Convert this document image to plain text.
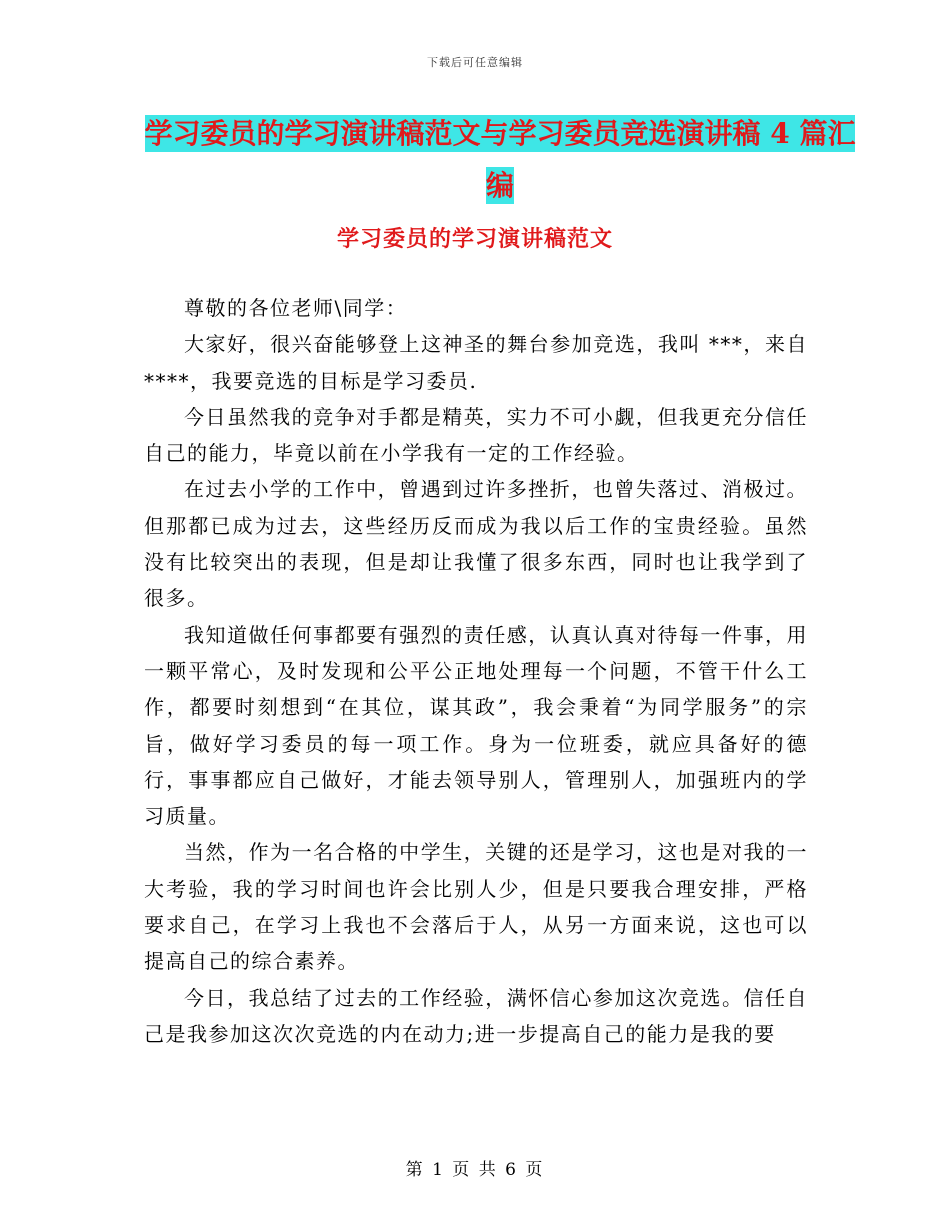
下载后可任意编辑
学习委员的学习演讲稿范文与学习委员竞选演讲稿 4 篇汇编
学习委员的学习演讲稿范文

尊敬的各位老师\同学：

大家好，很兴奋能够登上这神圣的舞台参加竞选，我叫 ***，来自****，我要竞选的目标是学习委员.

今日虽然我的竞争对手都是精英，实力不可小觑，但我更充分信任自己的能力，毕竟以前在小学我有一定的工作经验。

在过去小学的工作中，曾遇到过许多挫折，也曾失落过、消极过。但那都已成为过去，这些经历反而成为我以后工作的宝贵经验。虽然没有比较突出的表现，但是却让我懂了很多东西，同时也让我学到了很多。

我知道做任何事都要有强烈的责任感，认真认真对待每一件事，用一颗平常心，及时发现和公平公正地处理每一个问题，不管干什么工作，都要时刻想到“在其位，谋其政”，我会秉着“为同学服务”的宗旨，做好学习委员的每一项工作。身为一位班委，就应具备好的德行，事事都应自己做好，才能去领导别人，管理别人，加强班内的学习质量。

当然，作为一名合格的中学生，关键的还是学习，这也是对我的一大考验，我的学习时间也许会比别人少，但是只要我合理安排，严格要求自己，在学习上我也不会落后于人，从另一方面来说，这也可以提高自己的综合素养。

今日，我总结了过去的工作经验，满怀信心参加这次竞选。信任自己是我参加这次次竞选的内在动力;进一步提高自己的能力是我的要

第 1 页 共 6 页
